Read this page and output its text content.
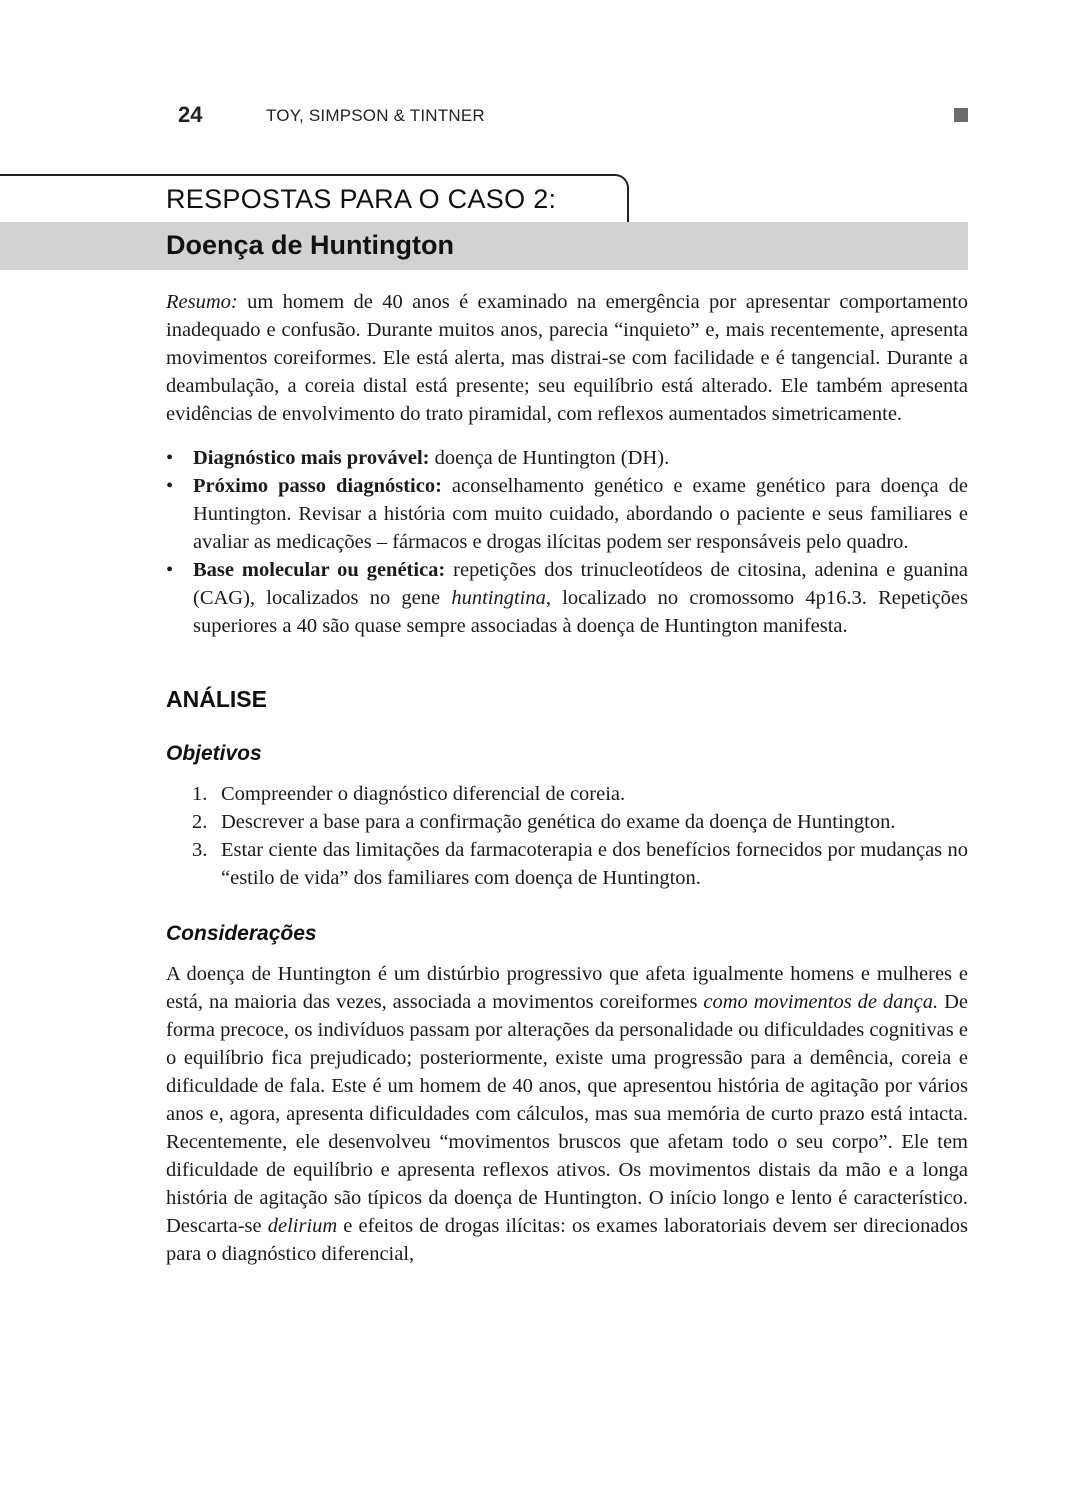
24	TOY, SIMPSON & TINTNER
RESPOSTAS PARA O CASO 2:
Doença de Huntington

Resumo: um homem de 40 anos é examinado na emergência por apresentar comportamento inadequado e confusão. Durante muitos anos, parecia “inquieto” e, mais recentemente, apresenta movimentos coreiformes. Ele está alerta, mas distrai-se com facilidade e é tangencial. Durante a deambulação, a coreia distal está presente; seu equilíbrio está alterado. Ele também apresenta evidências de envolvimento do trato piramidal, com reflexos aumentados simetricamente.

• Diagnóstico mais provável: doença de Huntington (DH).
• Próximo passo diagnóstico: aconselhamento genético e exame genético para doença de Huntington. Revisar a história com muito cuidado, abordando o paciente e seus familiares e avaliar as medicações – fármacos e drogas ilícitas podem ser responsáveis pelo quadro.
• Base molecular ou genética: repetições dos trinucleotídeos de citosina, adenina e guanina (CAG), localizados no gene huntingtina, localizado no cromossomo 4p16.3. Repetições superiores a 40 são quase sempre associadas à doença de Huntington manifesta.
ANÁLISE
Objetivos
1. Compreender o diagnóstico diferencial de coreia.
2. Descrever a base para a confirmação genética do exame da doença de Huntington.
3. Estar ciente das limitações da farmacoterapia e dos benefícios fornecidos por mudanças no “estilo de vida” dos familiares com doença de Huntington.
Considerações

A doença de Huntington é um distúrbio progressivo que afeta igualmente homens e mulheres e está, na maioria das vezes, associada a movimentos coreiformes como movimentos de dança. De forma precoce, os indivíduos passam por alterações da personalidade ou dificuldades cognitivas e o equilíbrio fica prejudicado; posteriormente, existe uma progressão para a demência, coreia e dificuldade de fala. Este é um homem de 40 anos, que apresentou história de agitação por vários anos e, agora, apresenta dificuldades com cálculos, mas sua memória de curto prazo está intacta. Recentemente, ele desenvolveu “movimentos bruscos que afetam todo o seu corpo”. Ele tem dificuldade de equilíbrio e apresenta reflexos ativos. Os movimentos distais da mão e a longa história de agitação são típicos da doença de Huntington. O início longo e lento é característico. Descarta-se delirium e efeitos de drogas ilícitas: os exames laboratoriais devem ser direcionados para o diagnóstico diferencial,
